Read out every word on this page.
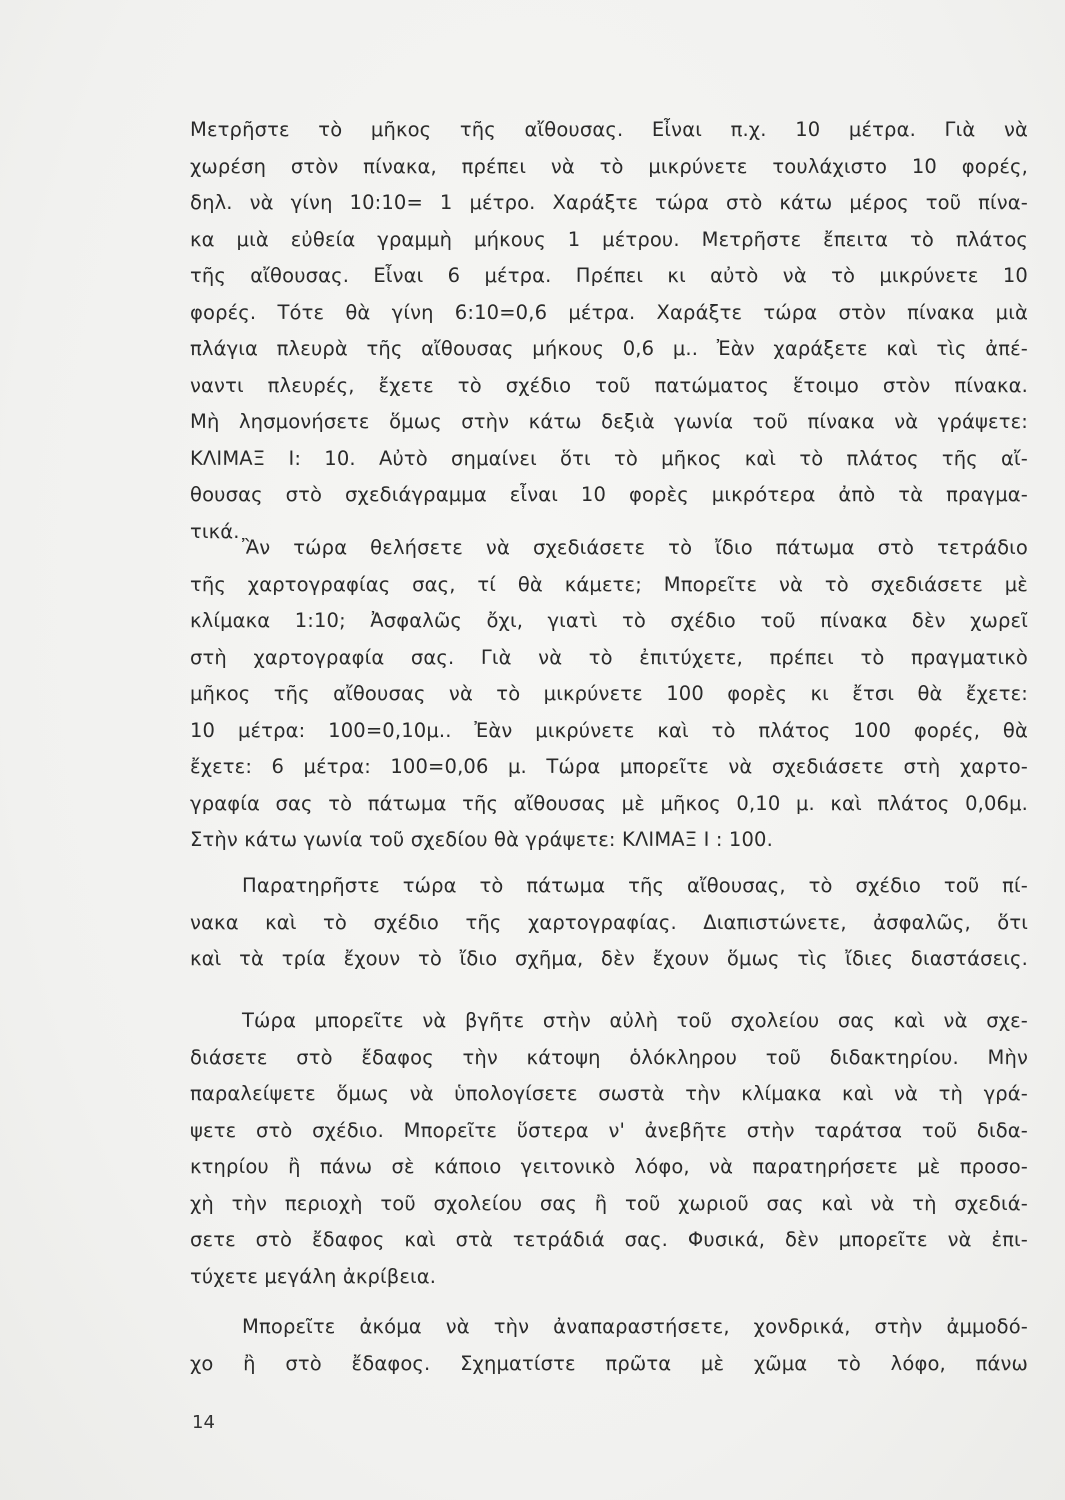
Μετρῆστε τὸ μῆκος τῆς αἴθουσας. Εἶναι π.χ. 10 μέτρα. Γιὰ νὰ
χωρέση στὸν πίνακα, πρέπει νὰ τὸ μικρύνετε τουλάχιστο 10 φορές,
δηλ. νὰ γίνη 10:10= 1 μέτρο. Χαράξτε τώρα στὸ κάτω μέρος τοῦ πίνα-
κα μιὰ εὐθεία γραμμὴ μήκους 1 μέτρου. Μετρῆστε ἔπειτα τὸ πλάτος
τῆς αἴθουσας. Εἶναι 6 μέτρα. Πρέπει κι αὐτὸ νὰ τὸ μικρύνετε 10
φορές. Τότε θὰ γίνη 6:10=0,6 μέτρα. Χαράξτε τώρα στὸν πίνακα μιὰ
πλάγια πλευρὰ τῆς αἴθουσας μήκους 0,6 μ.. Ἐὰν χαράξετε καὶ τὶς ἀπέ-
ναντι πλευρές, ἔχετε τὸ σχέδιο τοῦ πατώματος ἕτοιμο στὸν πίνακα.
Μὴ λησμονήσετε ὅμως στὴν κάτω δεξιὰ γωνία τοῦ πίνακα νὰ γράψετε:
ΚΛΙΜΑΞ Ι: 10. Αὐτὸ σημαίνει ὅτι τὸ μῆκος καὶ τὸ πλάτος τῆς αἴ-
θουσας στὸ σχεδιάγραμμα εἶναι 10 φορὲς μικρότερα ἀπὸ τὰ πραγμα-
τικά.
Ἂν τώρα θελήσετε νὰ σχεδιάσετε τὸ ἴδιο πάτωμα στὸ τετράδιο
τῆς χαρτογραφίας σας, τί θὰ κάμετε; Μπορεῖτε νὰ τὸ σχεδιάσετε μὲ
κλίμακα 1:10; Ἀσφαλῶς ὄχι, γιατὶ τὸ σχέδιο τοῦ πίνακα δὲν χωρεῖ
στὴ χαρτογραφία σας. Γιὰ νὰ τὸ ἐπιτύχετε, πρέπει τὸ πραγματικὸ
μῆκος τῆς αἴθουσας νὰ τὸ μικρύνετε 100 φορὲς κι ἔτσι θὰ ἔχετε:
10 μέτρα: 100=0,10μ.. Ἐὰν μικρύνετε καὶ τὸ πλάτος 100 φορές, θὰ
ἔχετε: 6 μέτρα: 100=0,06 μ. Τώρα μπορεῖτε νὰ σχεδιάσετε στὴ χαρτο-
γραφία σας τὸ πάτωμα τῆς αἴθουσας μὲ μῆκος 0,10 μ. καὶ πλάτος 0,06μ.
Στὴν κάτω γωνία τοῦ σχεδίου θὰ γράψετε: ΚΛΙΜΑΞ Ι : 100.
Παρατηρῆστε τώρα τὸ πάτωμα τῆς αἴθουσας, τὸ σχέδιο τοῦ πί-
νακα καὶ τὸ σχέδιο τῆς χαρτογραφίας. Διαπιστώνετε, ἀσφαλῶς, ὅτι
καὶ τὰ τρία ἔχουν τὸ ἴδιο σχῆμα, δὲν ἔχουν ὅμως τὶς ἴδιες διαστάσεις.
Τώρα μπορεῖτε νὰ βγῆτε στὴν αὐλὴ τοῦ σχολείου σας καὶ νὰ σχε-
διάσετε στὸ ἔδαφος τὴν κάτοψη ὁλόκληρου τοῦ διδακτηρίου. Μὴν
παραλείψετε ὅμως νὰ ὑπολογίσετε σωστὰ τὴν κλίμακα καὶ νὰ τὴ γρά-
ψετε στὸ σχέδιο. Μπορεῖτε ὕστερα ν' ἀνεβῆτε στὴν ταράτσα τοῦ διδα-
κτηρίου ἢ πάνω σὲ κάποιο γειτονικὸ λόφο, νὰ παρατηρήσετε μὲ προσο-
χὴ τὴν περιοχὴ τοῦ σχολείου σας ἢ τοῦ χωριοῦ σας καὶ νὰ τὴ σχεδιά-
σετε στὸ ἔδαφος καὶ στὰ τετράδιά σας. Φυσικά, δὲν μπορεῖτε νὰ ἐπι-
τύχετε μεγάλη ἀκρίβεια.
Μπορεῖτε ἀκόμα νὰ τὴν ἀναπαραστήσετε, χονδρικά, στὴν ἀμμοδό-
χο ἢ στὸ ἔδαφος. Σχηματίστε πρῶτα μὲ χῶμα τὸ λόφο, πάνω
14
